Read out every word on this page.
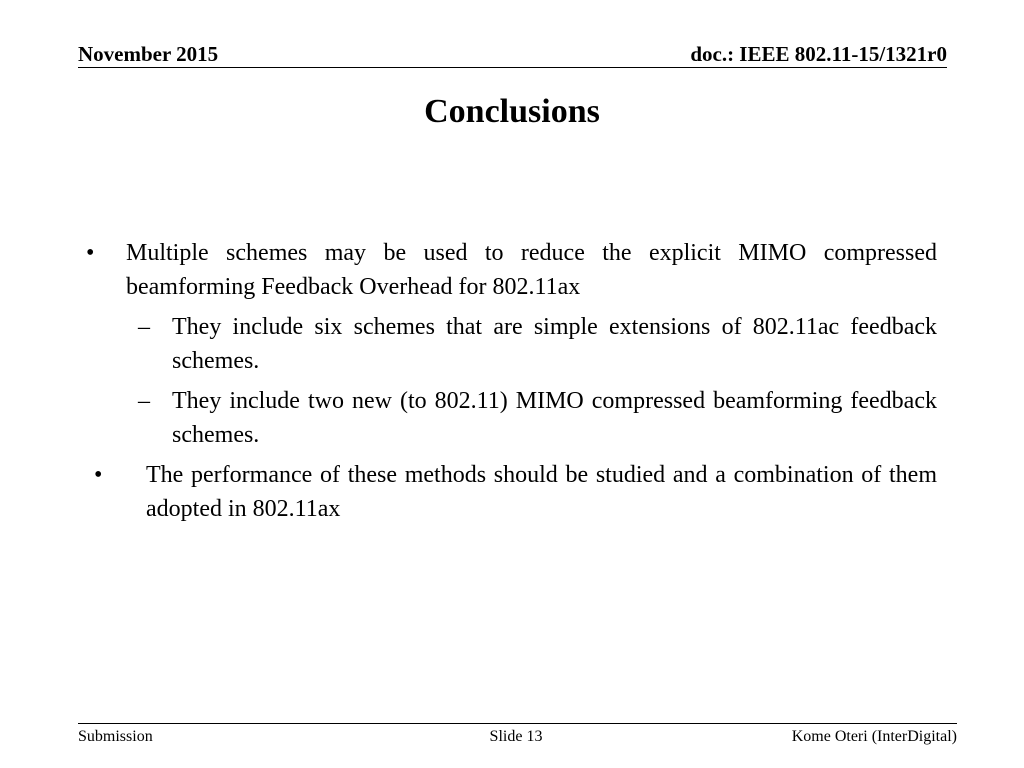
November 2015	doc.: IEEE 802.11-15/1321r0
Conclusions
• Multiple schemes may be used to reduce the explicit MIMO compressed beamforming Feedback Overhead for 802.11ax
– They include six schemes that are simple extensions of 802.11ac feedback schemes.
– They include two new (to 802.11) MIMO compressed beamforming feedback schemes.
• The performance of these methods should be studied and a combination of them adopted in 802.11ax
Submission	Slide 13	Kome Oteri (InterDigital)
